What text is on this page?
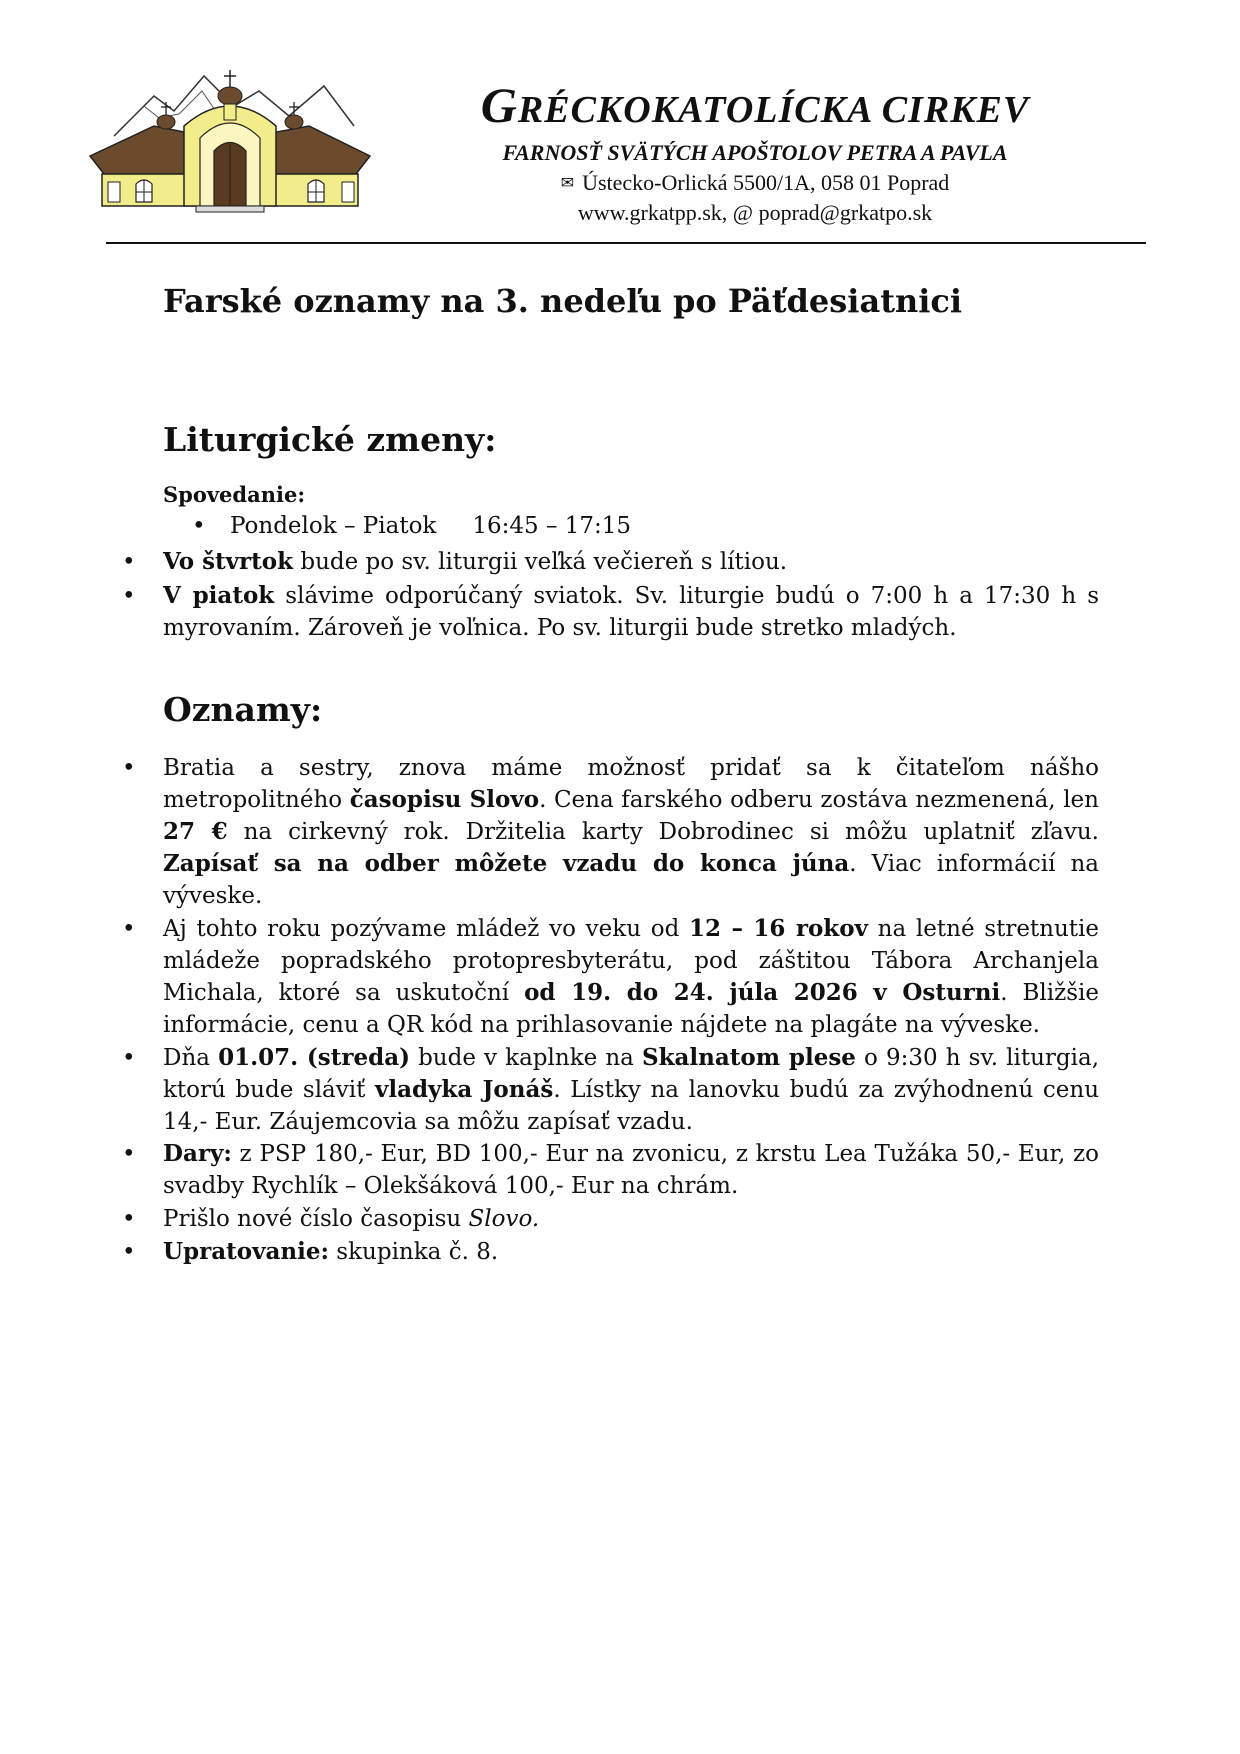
GRÉCKOKATOLÍCKA CIRKEV
FARNOSŤ SVÄTÝCH APOŠTOLOV PETRA A PAVLA
✉ Ústecko-Orlická 5500/1A, 058 01 Poprad
www.grkatpp.sk, @ poprad@grkatpo.sk
Farské oznamy na 3. nedeľu po Päťdesiatnici
Liturgické zmeny:
Spovedanie:
• Pondelok – Piatok 16:45 – 17:15
• Vo štvrtok bude po sv. liturgii veľká večiereň s lítiou.
• V piatok slávime odporúčaný sviatok. Sv. liturgie budú o 7:00 h a 17:30 h s myrovaním. Zároveň je voľnica. Po sv. liturgii bude stretko mladých.
Oznamy:
• Bratia a sestry, znova máme možnosť pridať sa k čitateľom nášho metropolitného časopisu Slovo. Cena farského odberu zostáva nezmenená, len 27 € na cirkevný rok. Držitelia karty Dobrodinec si môžu uplatniť zľavu. Zapísať sa na odber môžete vzadu do konca júna. Viac informácií na výveske.
• Aj tohto roku pozývame mládež vo veku od 12 – 16 rokov na letné stretnutie mládeže popradského protopresbyterátu, pod záštitou Tábora Archanjela Michala, ktoré sa uskutoční od 19. do 24. júla 2026 v Osturni. Bližšie informácie, cenu a QR kód na prihlasovanie nájdete na plagáte na výveske.
• Dňa 01.07. (streda) bude v kaplnke na Skalnatom plese o 9:30 h sv. liturgia, ktorú bude sláviť vladyka Jonáš. Lístky na lanovku budú za zvýhodnenú cenu 14,- Eur. Záujemcovia sa môžu zapísať vzadu.
• Dary: z PSP 180,- Eur, BD 100,- Eur na zvonicu, z krstu Lea Tužáka 50,- Eur, zo svadby Rychlík – Olekšáková 100,- Eur na chrám.
• Prišlo nové číslo časopisu Slovo.
• Upratovanie: skupinka č. 8.
